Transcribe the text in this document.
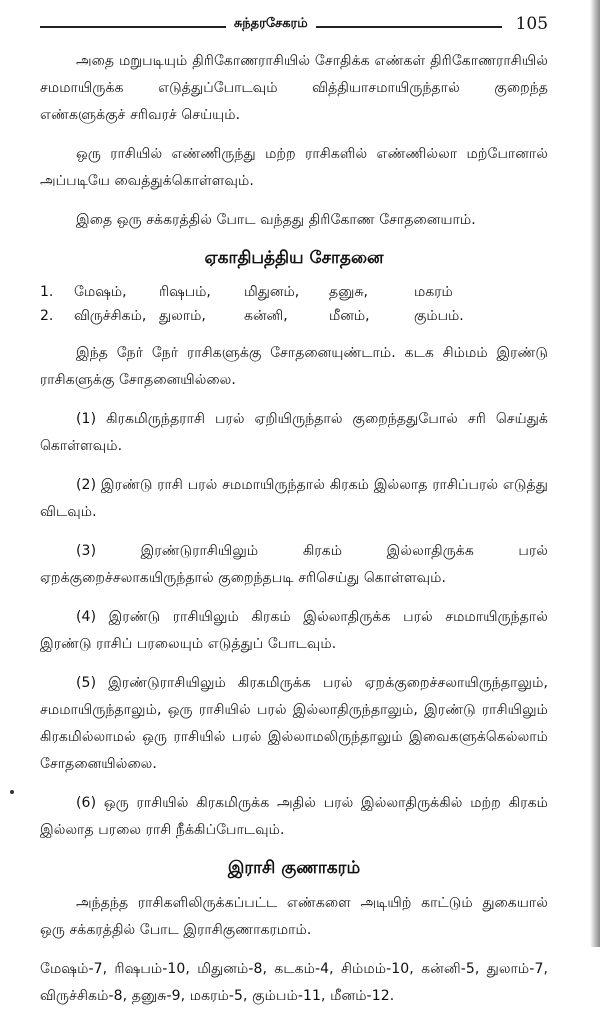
சுந்தரசேகரம்	105

அதை மறுபடியும் திரிகோணராசியில் சோதிக்க எண்கள் திரிகோணராசியில் சமமாயிருக்க எடுத்துப்போடவும் வித்தியாசமாயிருந்தால் குறைந்த எண்களுக்குச் சரிவரச் செய்யும்.

ஒரு ராசியில் எண்ணிருந்து மற்ற ராசிகளில் எண்ணில்லா மற்போனால் அப்படியே வைத்துக்கொள்ளவும்.

இதை ஒரு சக்கரத்தில் போட வந்தது திரிகோண சோதனையாம்.

ஏகாதிபத்திய சோதனை
1.	மேஷம்,	ரிஷபம்,	மிதுனம்,	தனுசு,	மகரம்
2.	விருச்சிகம், துலாம்,	கன்னி,	மீனம்,	கும்பம்.

இந்த நேர் நேர் ராசிகளுக்கு சோதனையுண்டாம். கடக சிம்மம் இரண்டு ராசிகளுக்கு சோதனையில்லை.

(1) கிரகமிருந்தராசி பரல் ஏறியிருந்தால் குறைந்ததுபோல் சரி செய்துக் கொள்ளவும்.

(2) இரண்டு ராசி பரல் சமமாயிருந்தால் கிரகம் இல்லாத ராசிப்பரல் எடுத்து விடவும்.

(3) இரண்டுராசியிலும் கிரகம் இல்லாதிருக்க பரல் ஏறக்குறைச்சலாகயிருந்தால் குறைந்தபடி சரிசெய்து கொள்ளவும்.

(4) இரண்டு ராசியிலும் கிரகம் இல்லாதிருக்க பரல் சமமாயிருந்தால் இரண்டு ராசிப் பரலையும் எடுத்துப் போடவும்.

(5) இரண்டுராசியிலும் கிரகமிருக்க பரல் ஏறக்குறைச்சலாயிருந்தாலும், சமமாயிருந்தாலும், ஒரு ராசியில் பரல் இல்லாதிருந்தாலும், இரண்டு ராசியிலும் கிரகமில்லாமல் ஒரு ராசியில் பரல் இல்லாமலிருந்தாலும் இவைகளுக்கெல்லாம் சோதனையில்லை.

(6) ஒரு ராசியில் கிரகமிருக்க அதில் பரல் இல்லாதிருக்கில் மற்ற கிரகம் இல்லாத பரலை ராசி நீக்கிப்போடவும்.

இராசி குணாகரம்

அந்தந்த ராசிகளிலிருக்கப்பட்ட எண்களை அடியிற் காட்டும் துகையால் ஒரு சக்கரத்தில் போட இராசிகுணாகரமாம்.

மேஷம்-7, ரிஷபம்-10, மிதுனம்-8, கடகம்-4, சிம்மம்-10, கன்னி-5, துலாம்-7, விருச்சிகம்-8, தனுசு-9, மகரம்-5, கும்பம்-11, மீனம்-12.
